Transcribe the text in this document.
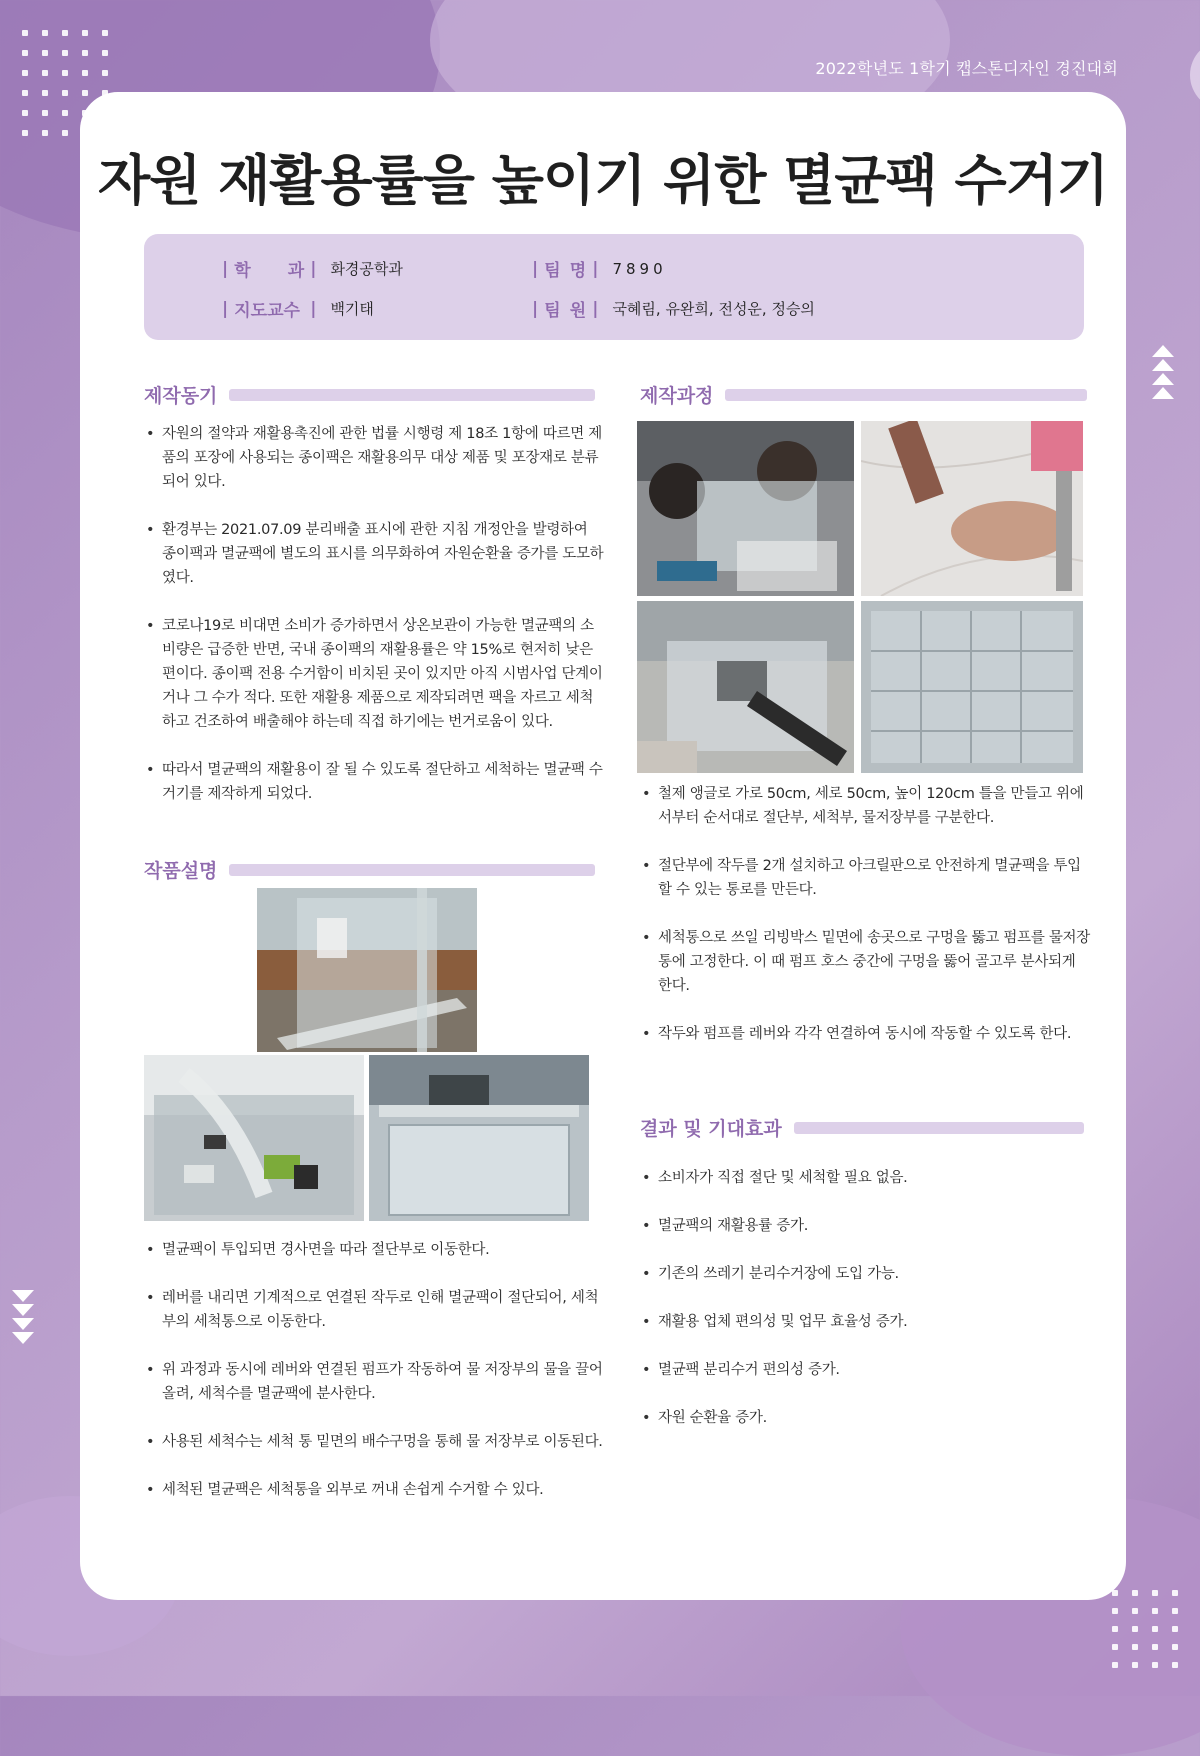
2022학년도 1학기 캡스톤디자인 경진대회
자원 재활용률을 높이기 위한 멸균팩 수거기
| 학 과 | 화경공학과
| 지도교수 | 백기태
| 팀 명 | 7890
| 팀 원 | 국혜림, 유완희, 전성운, 정승의
제작동기
• 자원의 절약과 재활용촉진에 관한 법률 시행령 제 18조 1항에 따르면 제품의 포장에 사용되는 종이팩은 재활용의무 대상 제품 및 포장재로 분류되어 있다.
• 환경부는 2021.07.09 분리배출 표시에 관한 지침 개정안을 발령하여 종이팩과 멸균팩에 별도의 표시를 의무화하여 자원순환율 증가를 도모하였다.
• 코로나19로 비대면 소비가 증가하면서 상온보관이 가능한 멸균팩의 소비량은 급증한 반면, 국내 종이팩의 재활용률은 약 15%로 현저히 낮은 편이다. 종이팩 전용 수거함이 비치된 곳이 있지만 아직 시범사업 단계이거나 그 수가 적다. 또한 재활용 제품으로 제작되려면 팩을 자르고 세척하고 건조하여 배출해야 하는데 직접 하기에는 번거로움이 있다.
• 따라서 멸균팩의 재활용이 잘 될 수 있도록 절단하고 세척하는 멸균팩 수거기를 제작하게 되었다.
작품설명
• 멸균팩이 투입되면 경사면을 따라 절단부로 이동한다.
• 레버를 내리면 기계적으로 연결된 작두로 인해 멸균팩이 절단되어, 세척부의 세척통으로 이동한다.
• 위 과정과 동시에 레버와 연결된 펌프가 작동하여 물 저장부의 물을 끌어올려, 세척수를 멸균팩에 분사한다.
• 사용된 세척수는 세척 통 밑면의 배수구멍을 통해 물 저장부로 이동된다.
• 세척된 멸균팩은 세척통을 외부로 꺼내 손쉽게 수거할 수 있다.
제작과정
• 철제 앵글로 가로 50cm, 세로 50cm, 높이 120cm 틀을 만들고 위에서부터 순서대로 절단부, 세척부, 물저장부를 구분한다.
• 절단부에 작두를 2개 설치하고 아크릴판으로 안전하게 멸균팩을 투입할 수 있는 통로를 만든다.
• 세척통으로 쓰일 리빙박스 밑면에 송곳으로 구멍을 뚫고 펌프를 물저장통에 고정한다. 이 때 펌프 호스 중간에 구멍을 뚫어 골고루 분사되게 한다.
• 작두와 펌프를 레버와 각각 연결하여 동시에 작동할 수 있도록 한다.
결과 및 기대효과
• 소비자가 직접 절단 및 세척할 필요 없음.
• 멸균팩의 재활용률 증가.
• 기존의 쓰레기 분리수거장에 도입 가능.
• 재활용 업체 편의성 및 업무 효율성 증가.
• 멸균팩 분리수거 편의성 증가.
• 자원 순환율 증가.
